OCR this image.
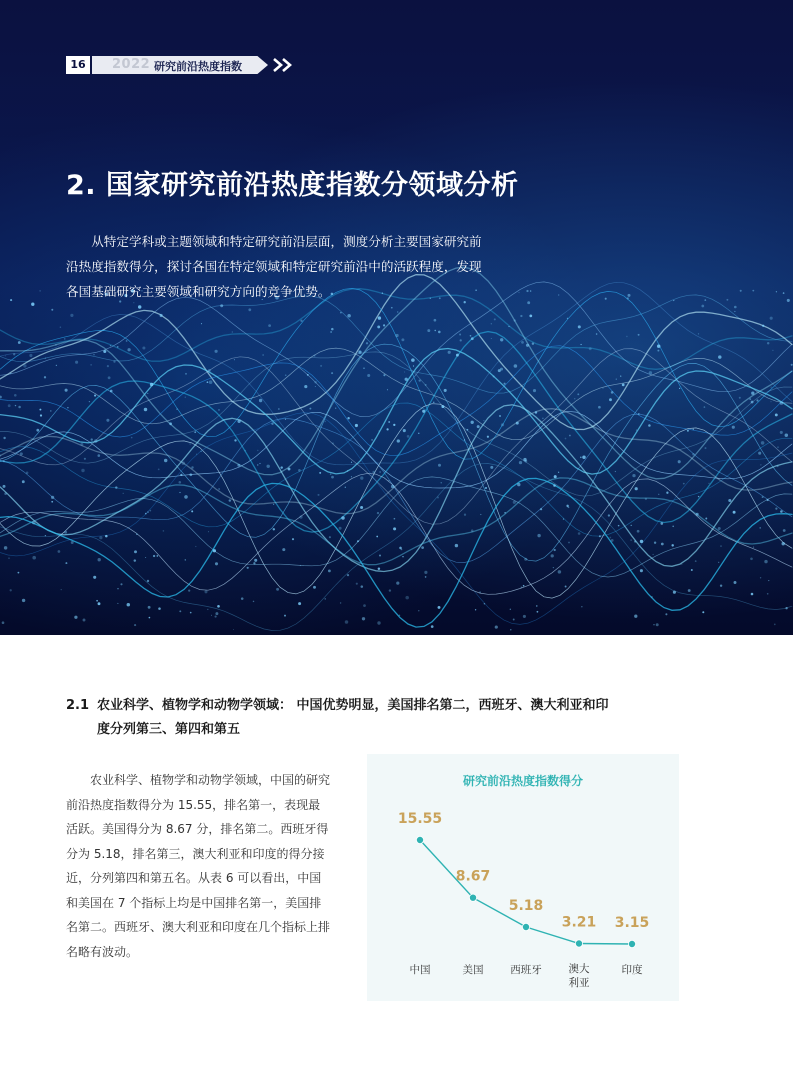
16	2022 研究前沿热度指数
2. 国家研究前沿热度指数分领域分析

从特定学科或主题领域和特定研究前沿层面，测度分析主要国家研究前沿热度指数得分，探讨各国在特定领域和特定研究前沿中的活跃程度，发现各国基础研究主要领域和研究方向的竞争优势。

2.1 农业科学、植物学和动物学领域： 中国优势明显，美国排名第二，西班牙、澳大利亚和印
度分列第三、第四和第五

农业科学、植物学和动物学领域，中国的研究前沿热度指数得分为 15.55，排名第一，表现最活跃。美国得分为 8.67 分，排名第二。西班牙得分为 5.18，排名第三，澳大利亚和印度的得分接近，分列第四和第五名。从表 6 可以看出，中国和美国在 7 个指标上均是中国排名第一，美国排名第二。西班牙、澳大利亚和印度在几个指标上排名略有波动。

研究前沿热度指数得分
15.55
中国
8.67
美国
5.18
西班牙
3.21
澳大
利亚
3.15
印度
